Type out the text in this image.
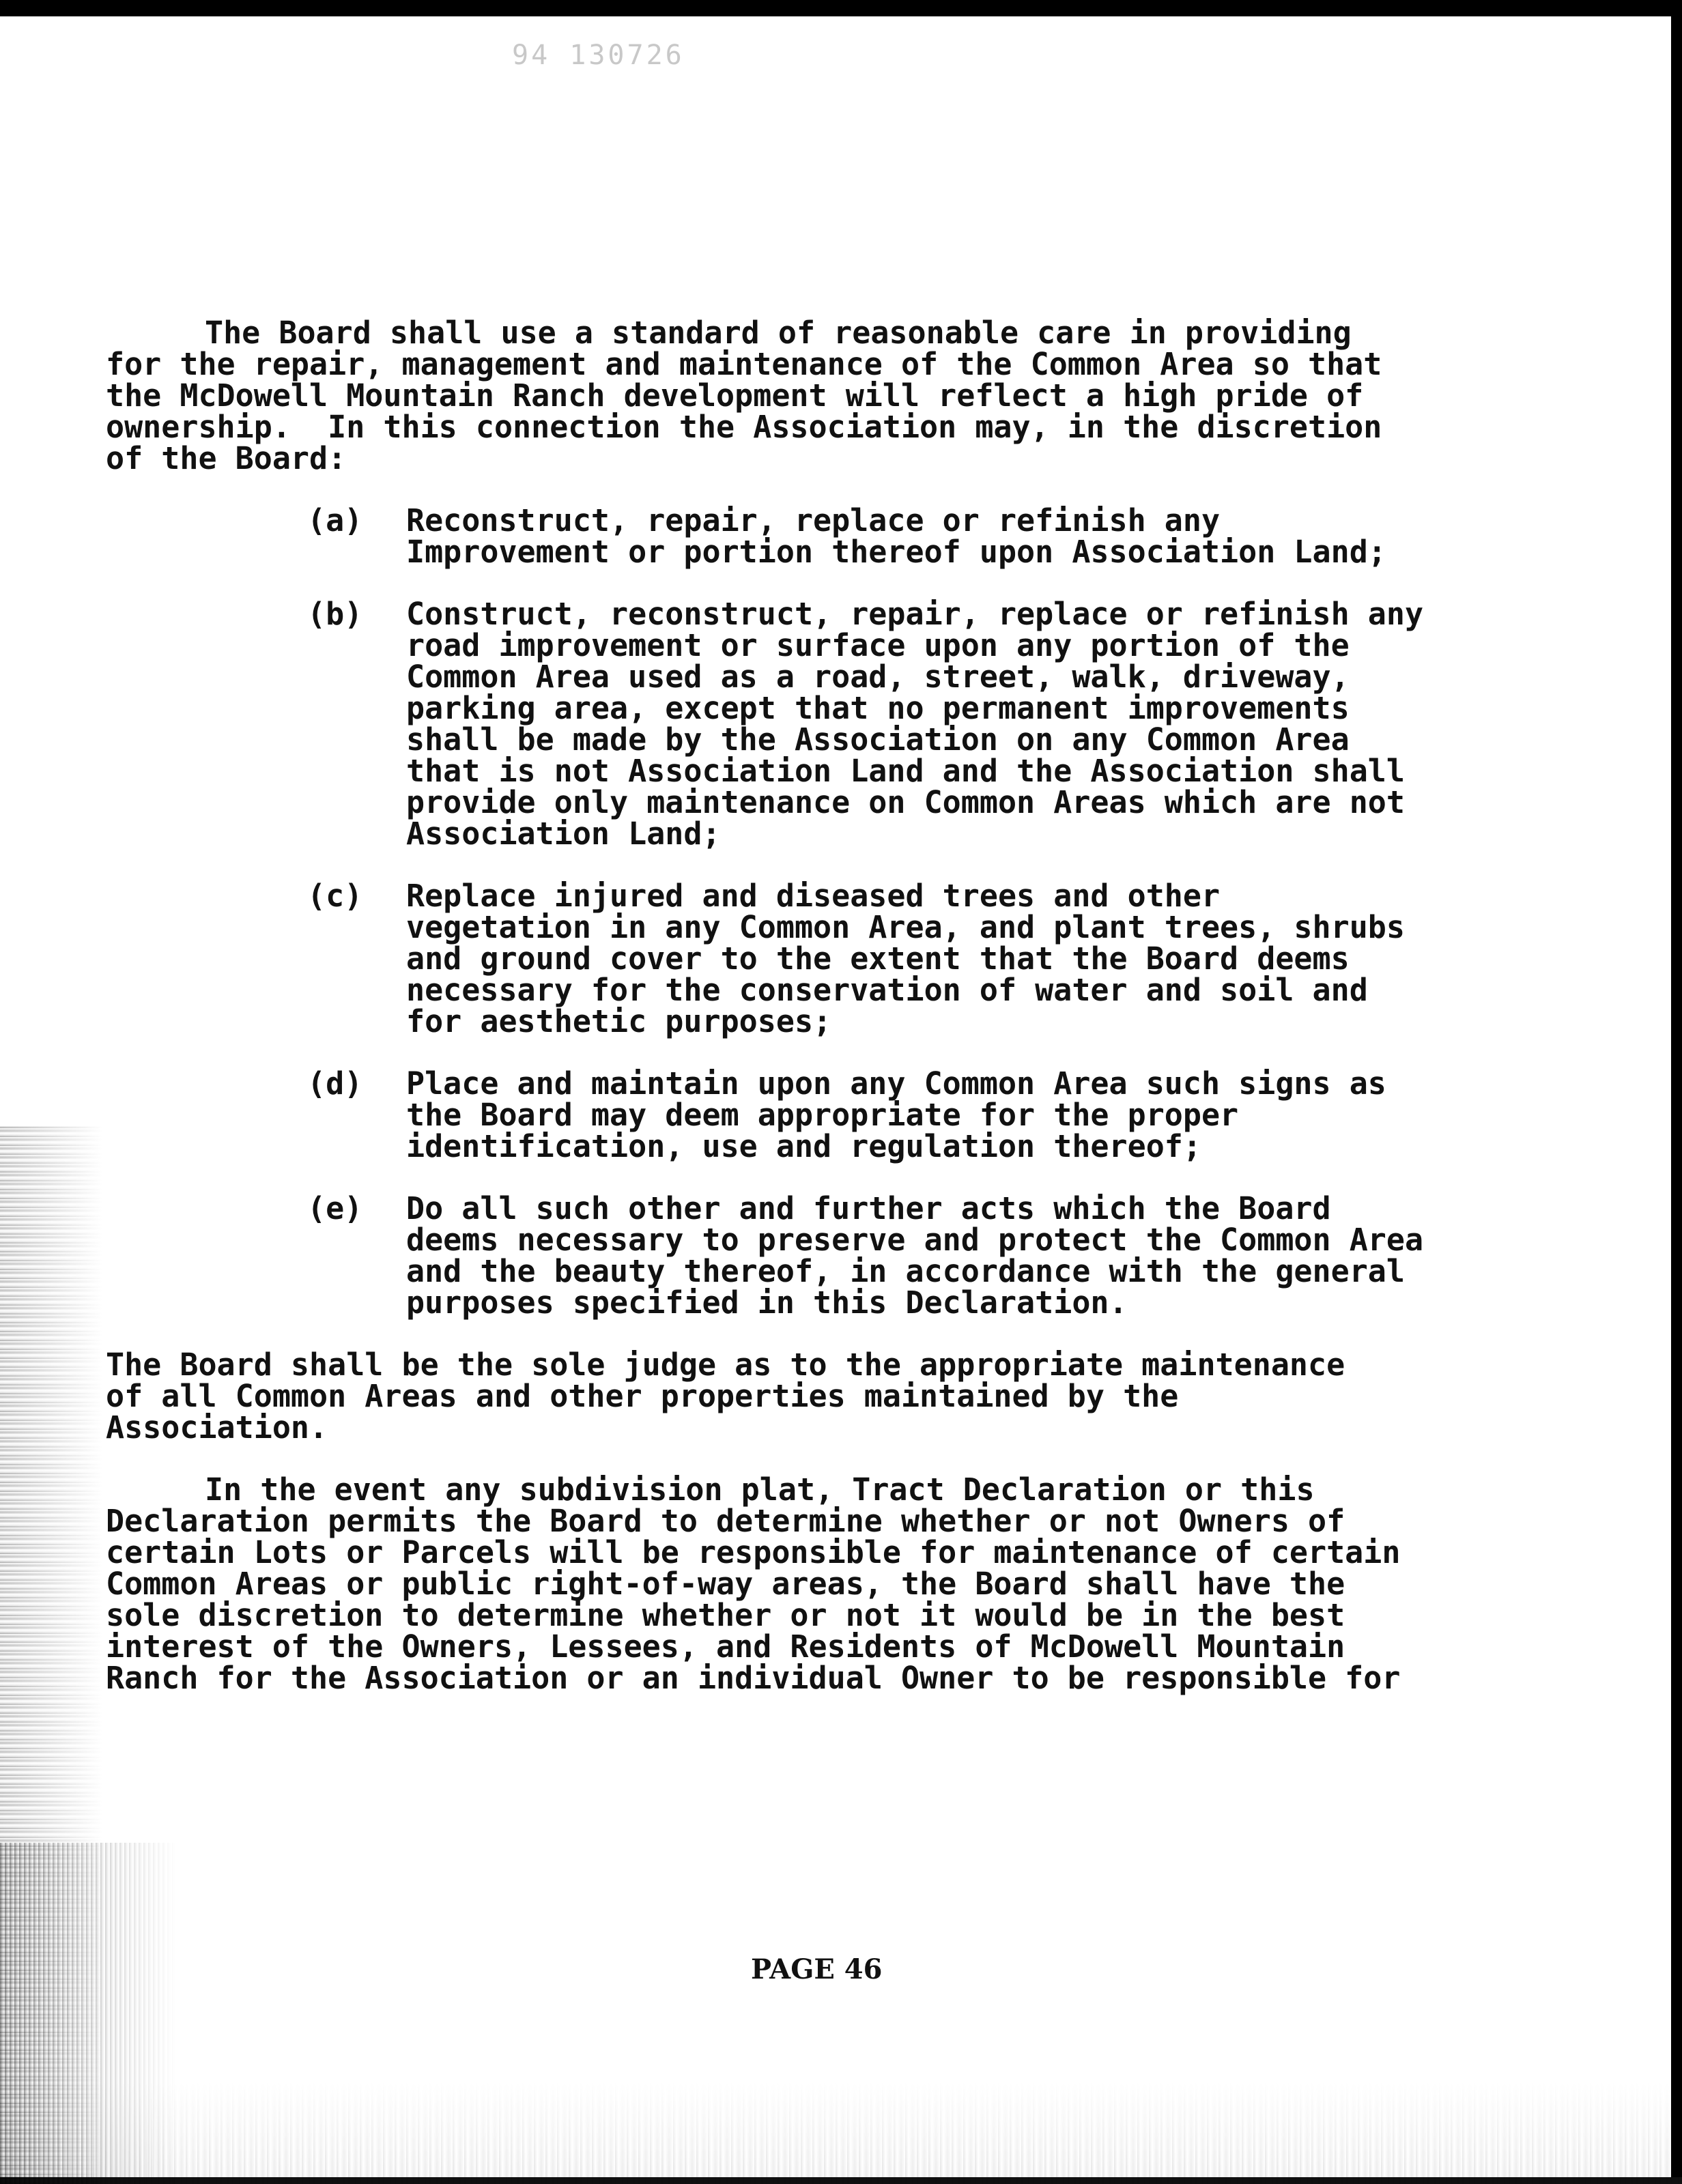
94 130726

The Board shall use a standard of reasonable care in providing
for the repair, management and maintenance of the Common Area so that
the McDowell Mountain Ranch development will reflect a high pride of
ownership.  In this connection the Association may, in the discretion
of the Board:

(a)	Reconstruct, repair, replace or refinish any
Improvement or portion thereof upon Association Land;
(b)	Construct, reconstruct, repair, replace or refinish any
road improvement or surface upon any portion of the
Common Area used as a road, street, walk, driveway,
parking area, except that no permanent improvements
shall be made by the Association on any Common Area
that is not Association Land and the Association shall
provide only maintenance on Common Areas which are not
Association Land;
(c)	Replace injured and diseased trees and other
vegetation in any Common Area, and plant trees, shrubs
and ground cover to the extent that the Board deems
necessary for the conservation of water and soil and
for aesthetic purposes;
(d)	Place and maintain upon any Common Area such signs as
the Board may deem appropriate for the proper
identification, use and regulation thereof;
(e)	Do all such other and further acts which the Board
deems necessary to preserve and protect the Common Area
and the beauty thereof, in accordance with the general
purposes specified in this Declaration.

The Board shall be the sole judge as to the appropriate maintenance
of all Common Areas and other properties maintained by the
Association.

In the event any subdivision plat, Tract Declaration or this
Declaration permits the Board to determine whether or not Owners of
certain Lots or Parcels will be responsible for maintenance of certain
Common Areas or public right-of-way areas, the Board shall have the
sole discretion to determine whether or not it would be in the best
interest of the Owners, Lessees, and Residents of McDowell Mountain
Ranch for the Association or an individual Owner to be responsible for

PAGE 46
